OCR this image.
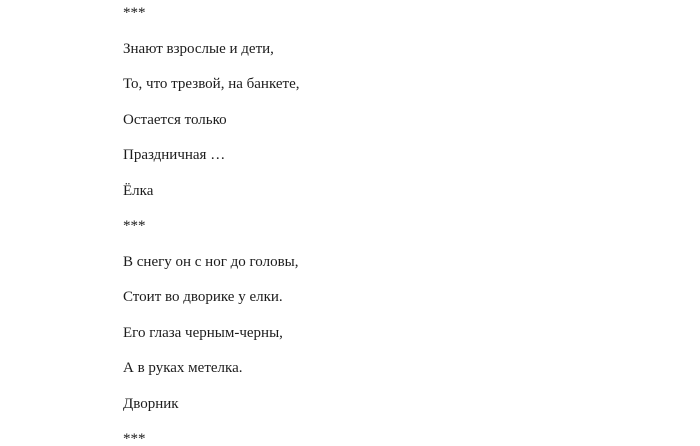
***

Знают взрослые и дети,

То, что трезвой, на банкете,

Остается только

Праздничная …

Ёлка

***

В снегу он с ног до головы,

Стоит во дворике у елки.

Его глаза черным-черны,

А в руках метелка.

Дворник

***
